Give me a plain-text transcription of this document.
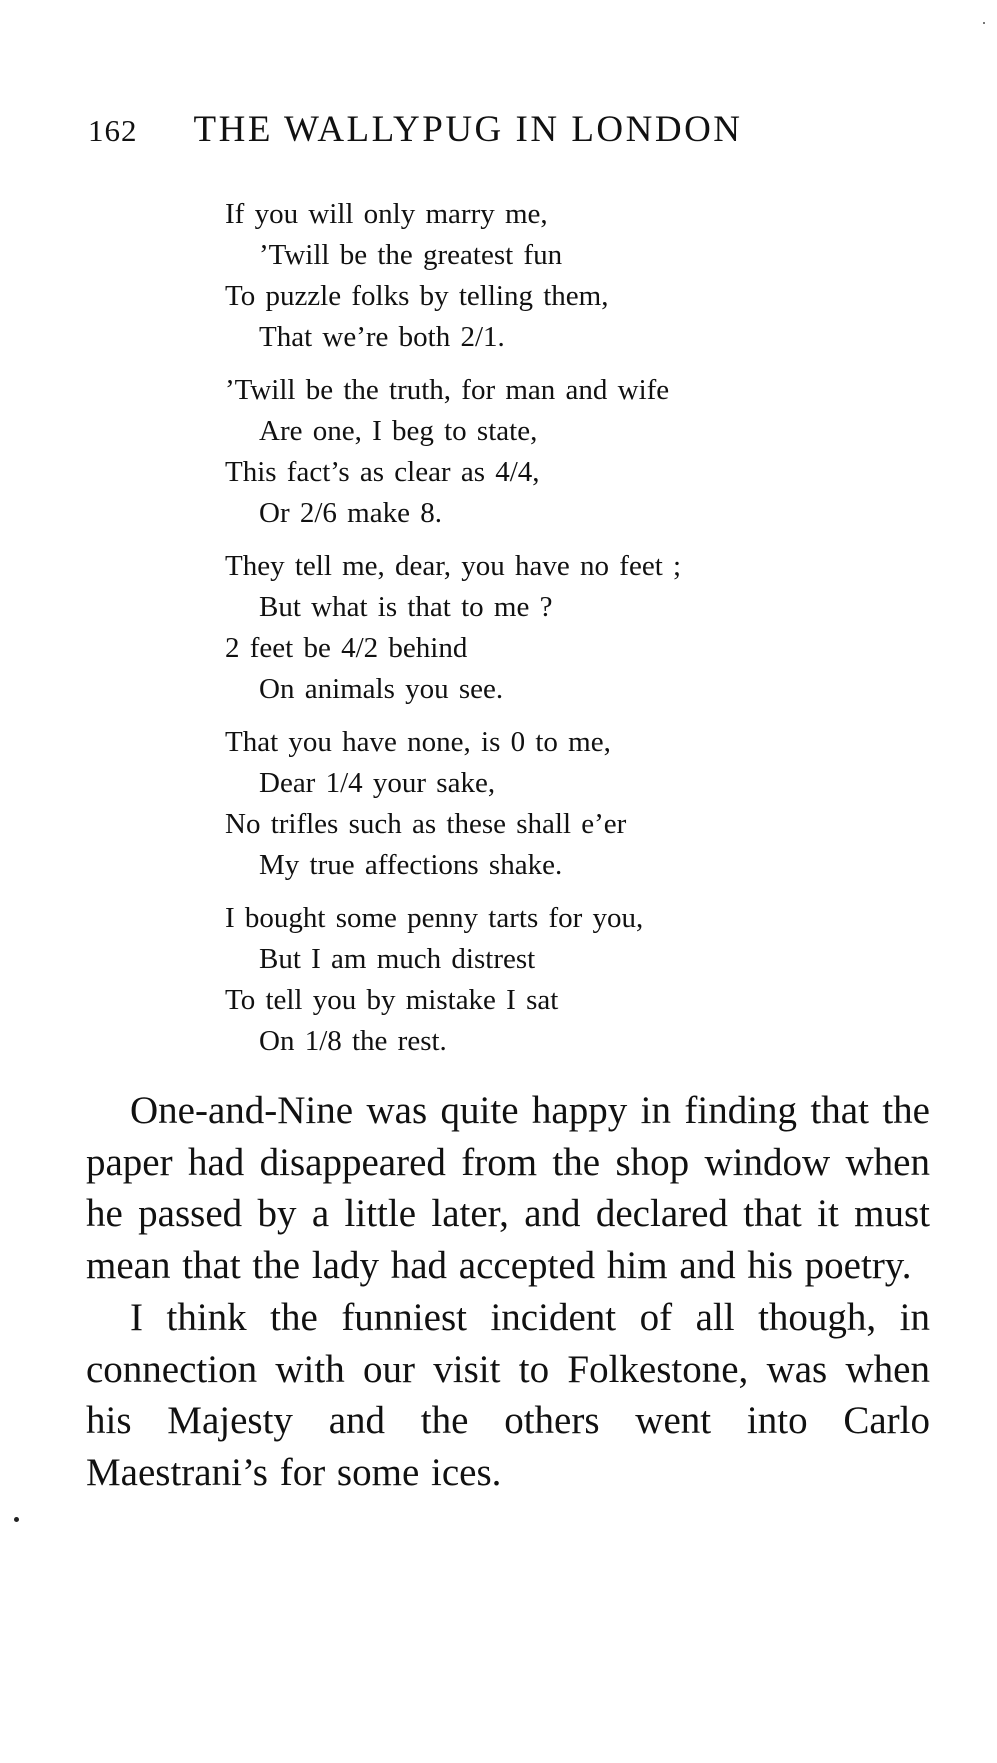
162 THE WALLYPUG IN LONDON
If you will only marry me,
’Twill be the greatest fun
To puzzle folks by telling them,
That we’re both 2/1.
’Twill be the truth, for man and wife
Are one, I beg to state,
This fact’s as clear as 4/4,
Or 2/6 make 8.
They tell me, dear, you have no feet ;
But what is that to me ?
2 feet be 4/2 behind
On animals you see.
That you have none, is 0 to me,
Dear 1/4 your sake,
No trifles such as these shall e’er
My true affections shake.
I bought some penny tarts for you,
But I am much distrest
To tell you by mistake I sat
On 1/8 the rest.

One-and-Nine was quite happy in finding that the paper had disappeared from the shop window when he passed by a little later, and declared that it must mean that the lady had accepted him and his poetry.

I think the funniest incident of all though, in connection with our visit to Folkestone, was when his Majesty and the others went into Carlo Maestrani’s for some ices.
